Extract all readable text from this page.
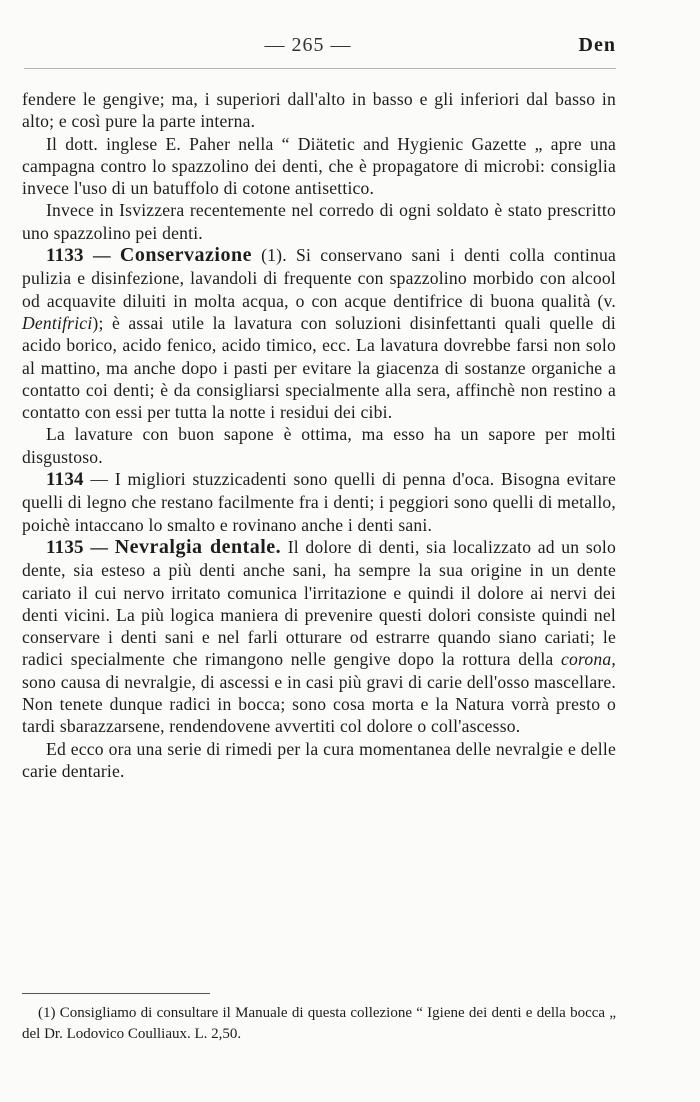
— 265 —	Den

fendere le gengive; ma, i superiori dall'alto in basso e gli inferiori dal basso in alto; e così pure la parte interna.

Il dott. inglese E. Paher nella “ Diätetic and Hygienic Gazette „ apre una campagna contro lo spazzolino dei denti, che è propagatore di microbi: consiglia invece l'uso di un batuffolo di cotone antisettico.

Invece in Isvizzera recentemente nel corredo di ogni soldato è stato prescritto uno spazzolino pei denti.

1133 — Conservazione (1). Si conservano sani i denti colla continua pulizia e disinfezione, lavandoli di frequente con spazzolino morbido con alcool od acquavite diluiti in molta acqua, o con acque dentifrice di buona qualità (v. Dentifrici); è assai utile la lavatura con soluzioni disinfettanti quali quelle di acido borico, acido fenico, acido timico, ecc. La lavatura dovrebbe farsi non solo al mattino, ma anche dopo i pasti per evitare la giacenza di sostanze organiche a contatto coi denti; è da consigliarsi specialmente alla sera, affinchè non restino a contatto con essi per tutta la notte i residui dei cibi.

La lavature con buon sapone è ottima, ma esso ha un sapore per molti disgustoso.

1134 — I migliori stuzzicadenti sono quelli di penna d'oca. Bisogna evitare quelli di legno che restano facilmente fra i denti; i peggiori sono quelli di metallo, poichè intaccano lo smalto e rovinano anche i denti sani.

1135 — Nevralgia dentale. Il dolore di denti, sia localizzato ad un solo dente, sia esteso a più denti anche sani, ha sempre la sua origine in un dente cariato il cui nervo irritato comunica l'irritazione e quindi il dolore ai nervi dei denti vicini. La più logica maniera di prevenire questi dolori consiste quindi nel conservare i denti sani e nel farli otturare od estrarre quando siano cariati; le radici specialmente che rimangono nelle gengive dopo la rottura della corona, sono causa di nevralgie, di ascessi e in casi più gravi di carie dell'osso mascellare. Non tenete dunque radici in bocca; sono cosa morta e la Natura vorrà presto o tardi sbarazzarsene, rendendovene avvertiti col dolore o coll'ascesso.

Ed ecco ora una serie di rimedi per la cura momentanea delle nevralgie e delle carie dentarie.

(1) Consigliamo di consultare il Manuale di questa collezione “ Igiene dei denti e della bocca „ del Dr. Lodovico Coulliaux. L. 2,50.
